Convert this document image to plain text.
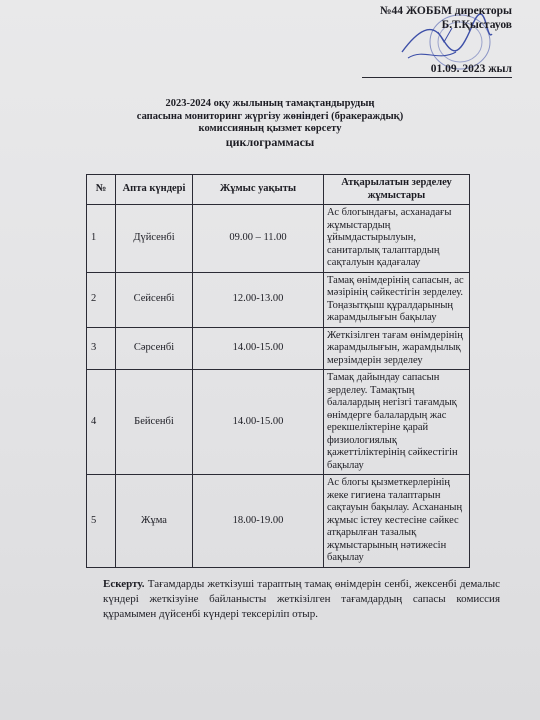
№44 ЖОББМ директоры
Б.Т.Қыстауов
01.09. 2023 жыл
2023-2024 оқу жылының тамақтандырудың
сапасына мониторинг жүргізу жөніндегі (бракераждық)
комиссияның қызмет көрсету
циклограммасы
№	Апта күндері	Жұмыс уақыты	Атқарылатын зерделеу жұмыстары
1	Дүйсенбі	09.00 – 11.00	Ас блогындағы, асханадағы жұмыстардың ұйымдастырылуын, санитарлық талаптардың сақталуын қадағалау
2	Сейсенбі	12.00-13.00	Тамақ өнімдерінің сапасын, ас мәзірінің сәйкестігін зерделеу. Тоңазытқыш құралдарының жарамдылығын бақылау
3	Сәрсенбі	14.00-15.00	Жеткізілген тағам өнімдерінің жарамдылығын, жарамдылық мерзімдерін зерделеу
4	Бейсенбі	14.00-15.00	Тамақ дайындау сапасын зерделеу. Тамақтың балалардың негізгі тағамдық өнімдерге балалардың жас ерекшеліктеріне қарай физиологиялық қажеттіліктерінің сәйкестігін бақылау
5	Жұма	18.00-19.00	Ас блогы қызметкерлерінің жеке гигиена талаптарын сақтауын бақылау. Асхананың жұмыс істеу кестесіне сәйкес атқарылған тазалық жұмыстарының нәтижесін бақылау
Ескерту. Тағамдарды жеткізуші тараптың тамақ өнімдерін сенбі, жексенбі демалыс күндері жеткізуіне байланысты жеткізілген тағамдардың сапасы комиссия құрамымен дүйсенбі күндері тексеріліп отыр.
